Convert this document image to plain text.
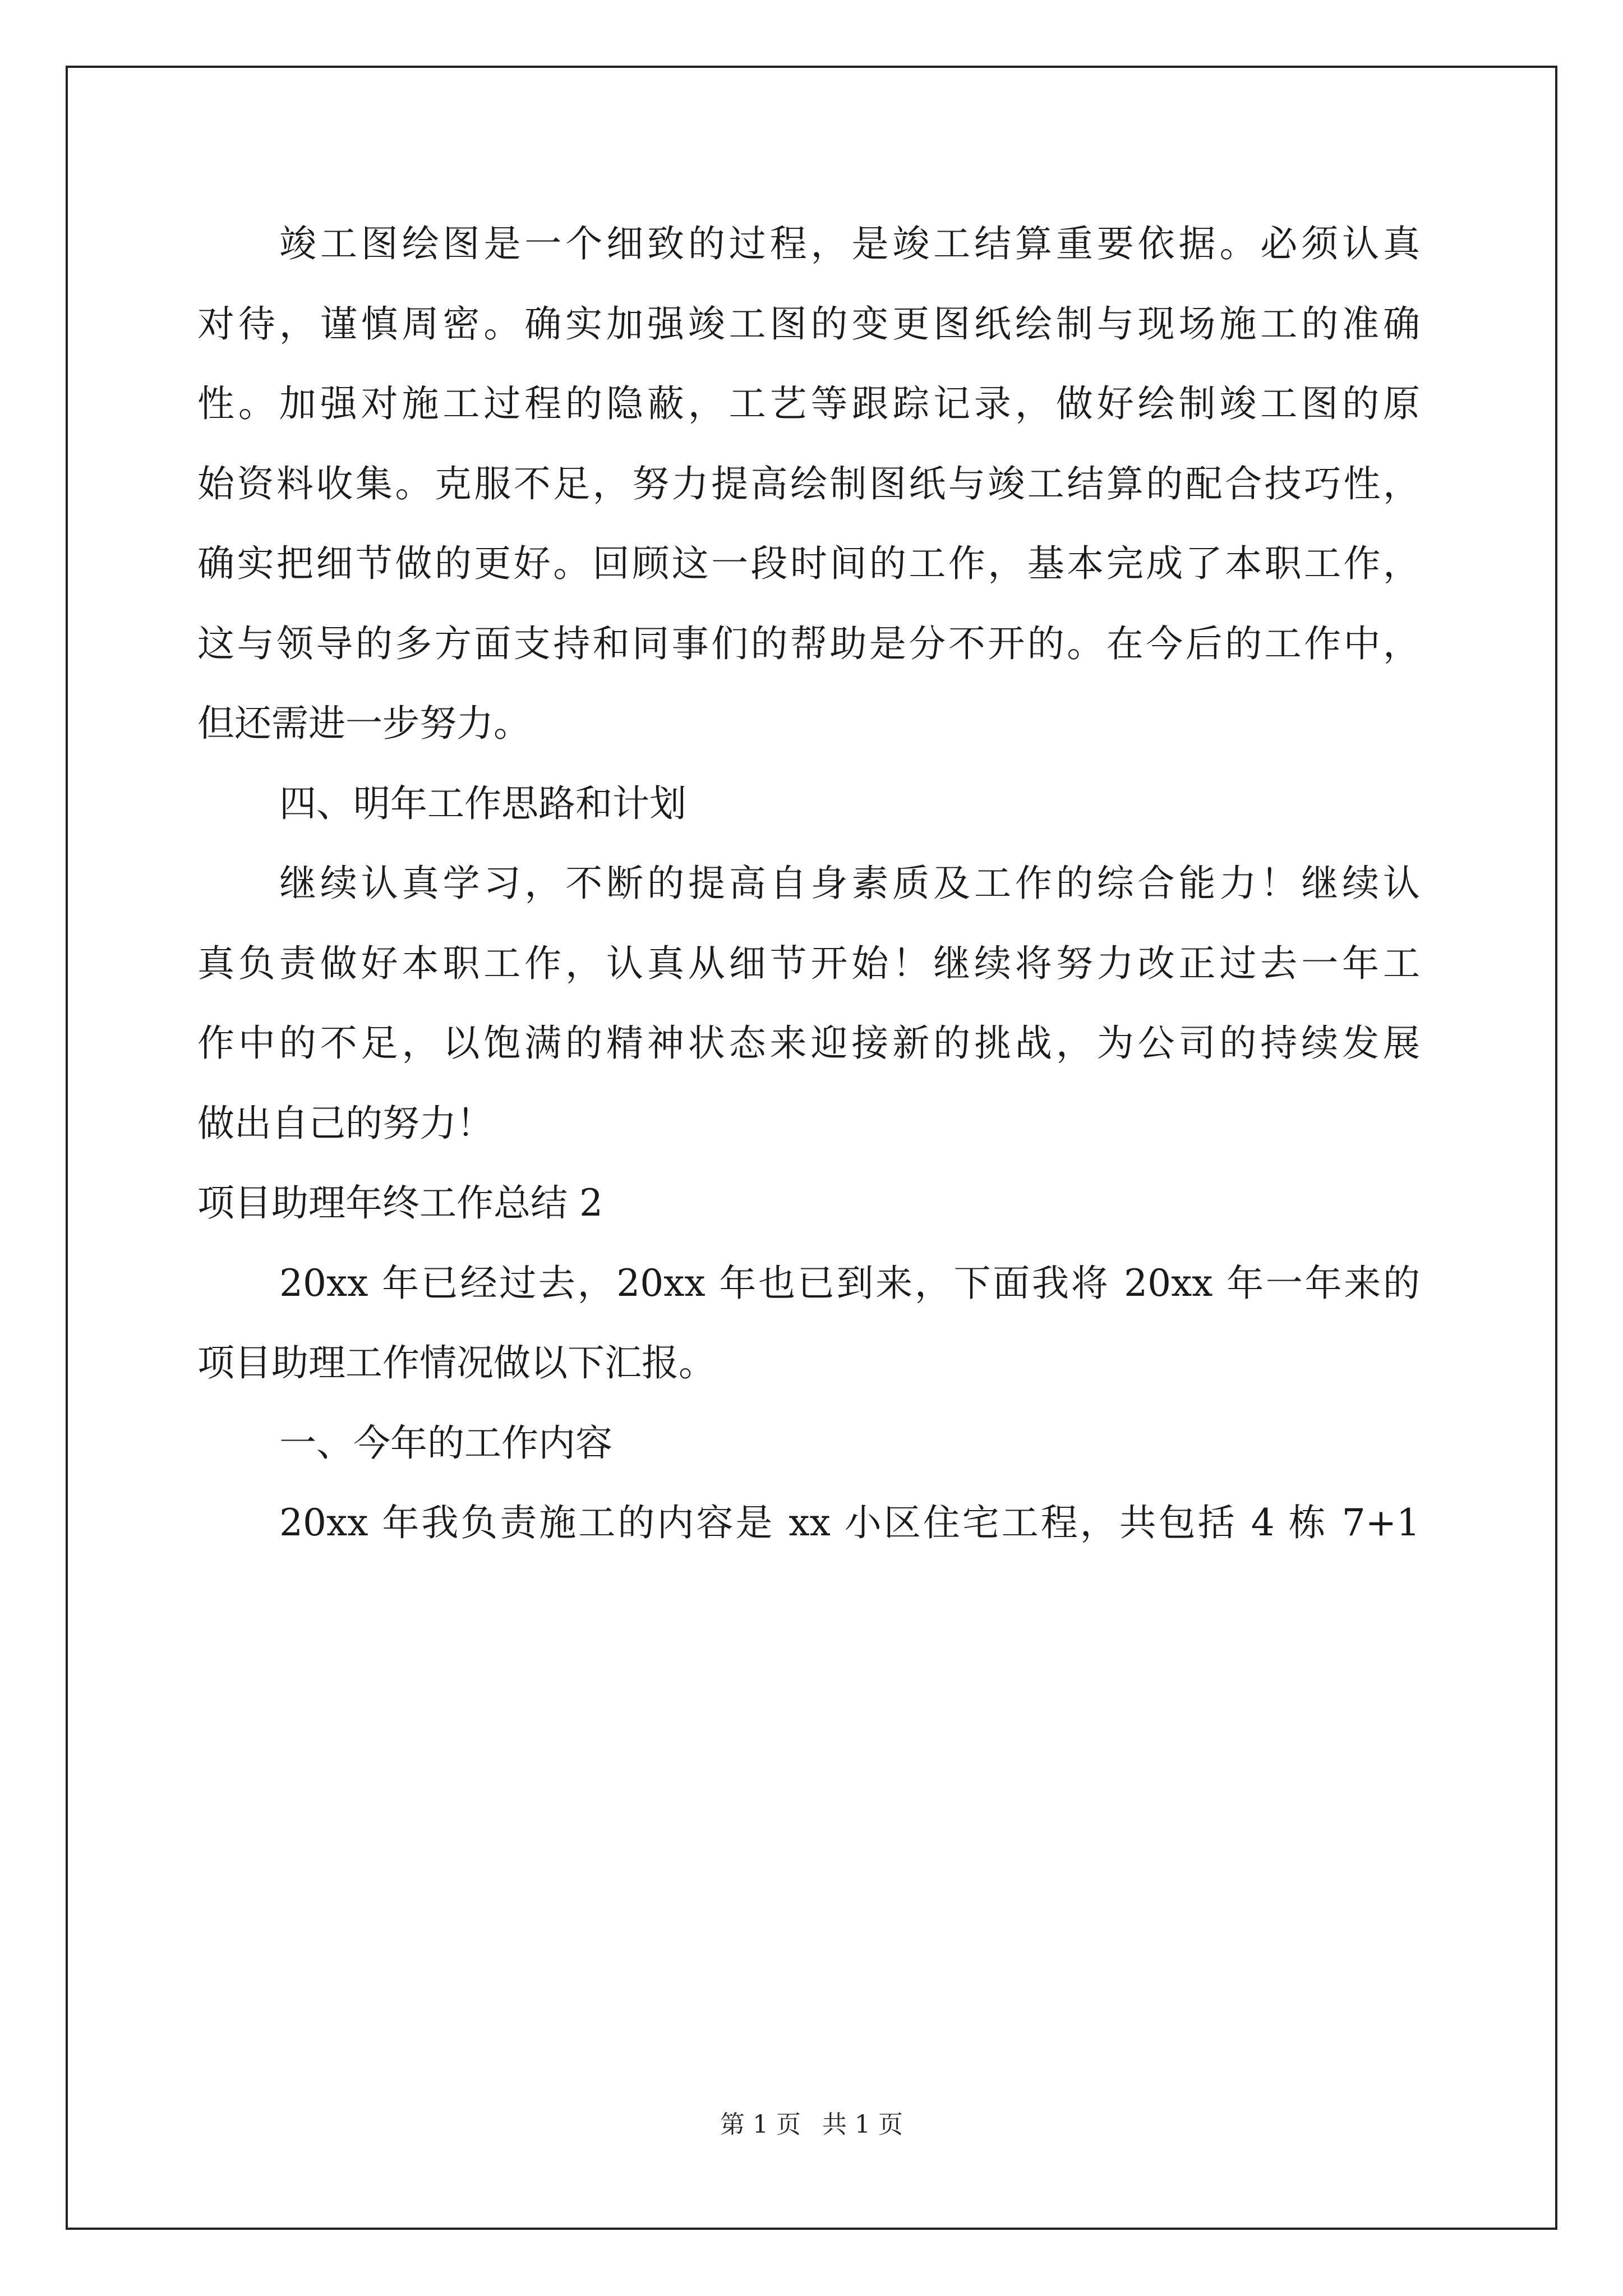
竣工图绘图是一个细致的过程，是竣工结算重要依据。必须认真
对待，谨慎周密。确实加强竣工图的变更图纸绘制与现场施工的准确
性。加强对施工过程的隐蔽，工艺等跟踪记录，做好绘制竣工图的原
始资料收集。克服不足，努力提高绘制图纸与竣工结算的配合技巧性，
确实把细节做的更好。回顾这一段时间的工作，基本完成了本职工作，
这与领导的多方面支持和同事们的帮助是分不开的。在今后的工作中，
但还需进一步努力。
四、明年工作思路和计划
继续认真学习，不断的提高自身素质及工作的综合能力！继续认
真负责做好本职工作，认真从细节开始！继续将努力改正过去一年工
作中的不足，以饱满的精神状态来迎接新的挑战，为公司的持续发展
做出自己的努力！
项目助理年终工作总结 2
20xx 年已经过去，20xx 年也已到来，下面我将 20xx 年一年来的
项目助理工作情况做以下汇报。
一、今年的工作内容
20xx 年我负责施工的内容是 xx 小区住宅工程，共包括 4 栋 7+1
第 1 页 共 1 页
